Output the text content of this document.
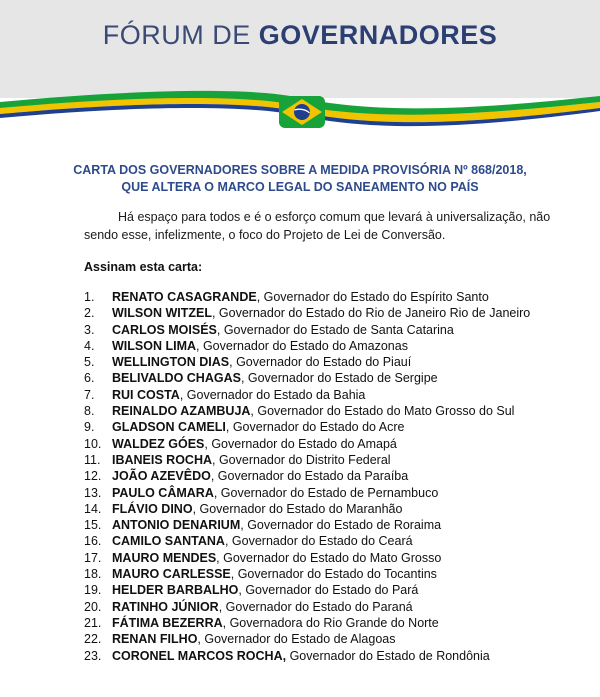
FÓRUM DE GOVERNADORES
CARTA DOS GOVERNADORES SOBRE A MEDIDA PROVISÓRIA Nº 868/2018, QUE ALTERA O MARCO LEGAL DO SANEAMENTO NO PAÍS
Há espaço para todos e é o esforço comum que levará à universalização, não sendo esse, infelizmente, o foco do Projeto de Lei de Conversão.
Assinam esta carta:
1. RENATO CASAGRANDE, Governador do Estado do Espírito Santo
2. WILSON WITZEL, Governador do Estado do Rio de Janeiro Rio de Janeiro
3. CARLOS MOISÉS, Governador do Estado de Santa Catarina
4. WILSON LIMA, Governador do Estado do Amazonas
5. WELLINGTON DIAS, Governador do Estado do Piauí
6. BELIVALDO CHAGAS, Governador do Estado de Sergipe
7. RUI COSTA, Governador do Estado da Bahia
8. REINALDO AZAMBUJA, Governador do Estado do Mato Grosso do Sul
9. GLADSON CAMELI, Governador do Estado do Acre
10. WALDEZ GÓES, Governador do Estado do Amapá
11. IBANEIS ROCHA, Governador do Distrito Federal
12. JOÃO AZEVÊDO, Governador do Estado da Paraíba
13. PAULO CÂMARA, Governador do Estado de Pernambuco
14. FLÁVIO DINO, Governador do Estado do Maranhão
15. ANTONIO DENARIUM, Governador do Estado de Roraima
16. CAMILO SANTANA, Governador do Estado do Ceará
17. MAURO MENDES, Governador do Estado do Mato Grosso
18. MAURO CARLESSE, Governador do Estado do Tocantins
19. HELDER BARBALHO, Governador do Estado do Pará
20. RATINHO JÚNIOR, Governador do Estado do Paraná
21. FÁTIMA BEZERRA, Governadora do Rio Grande do Norte
22. RENAN FILHO, Governador do Estado de Alagoas
23. CORONEL MARCOS ROCHA, Governador do Estado de Rondônia
